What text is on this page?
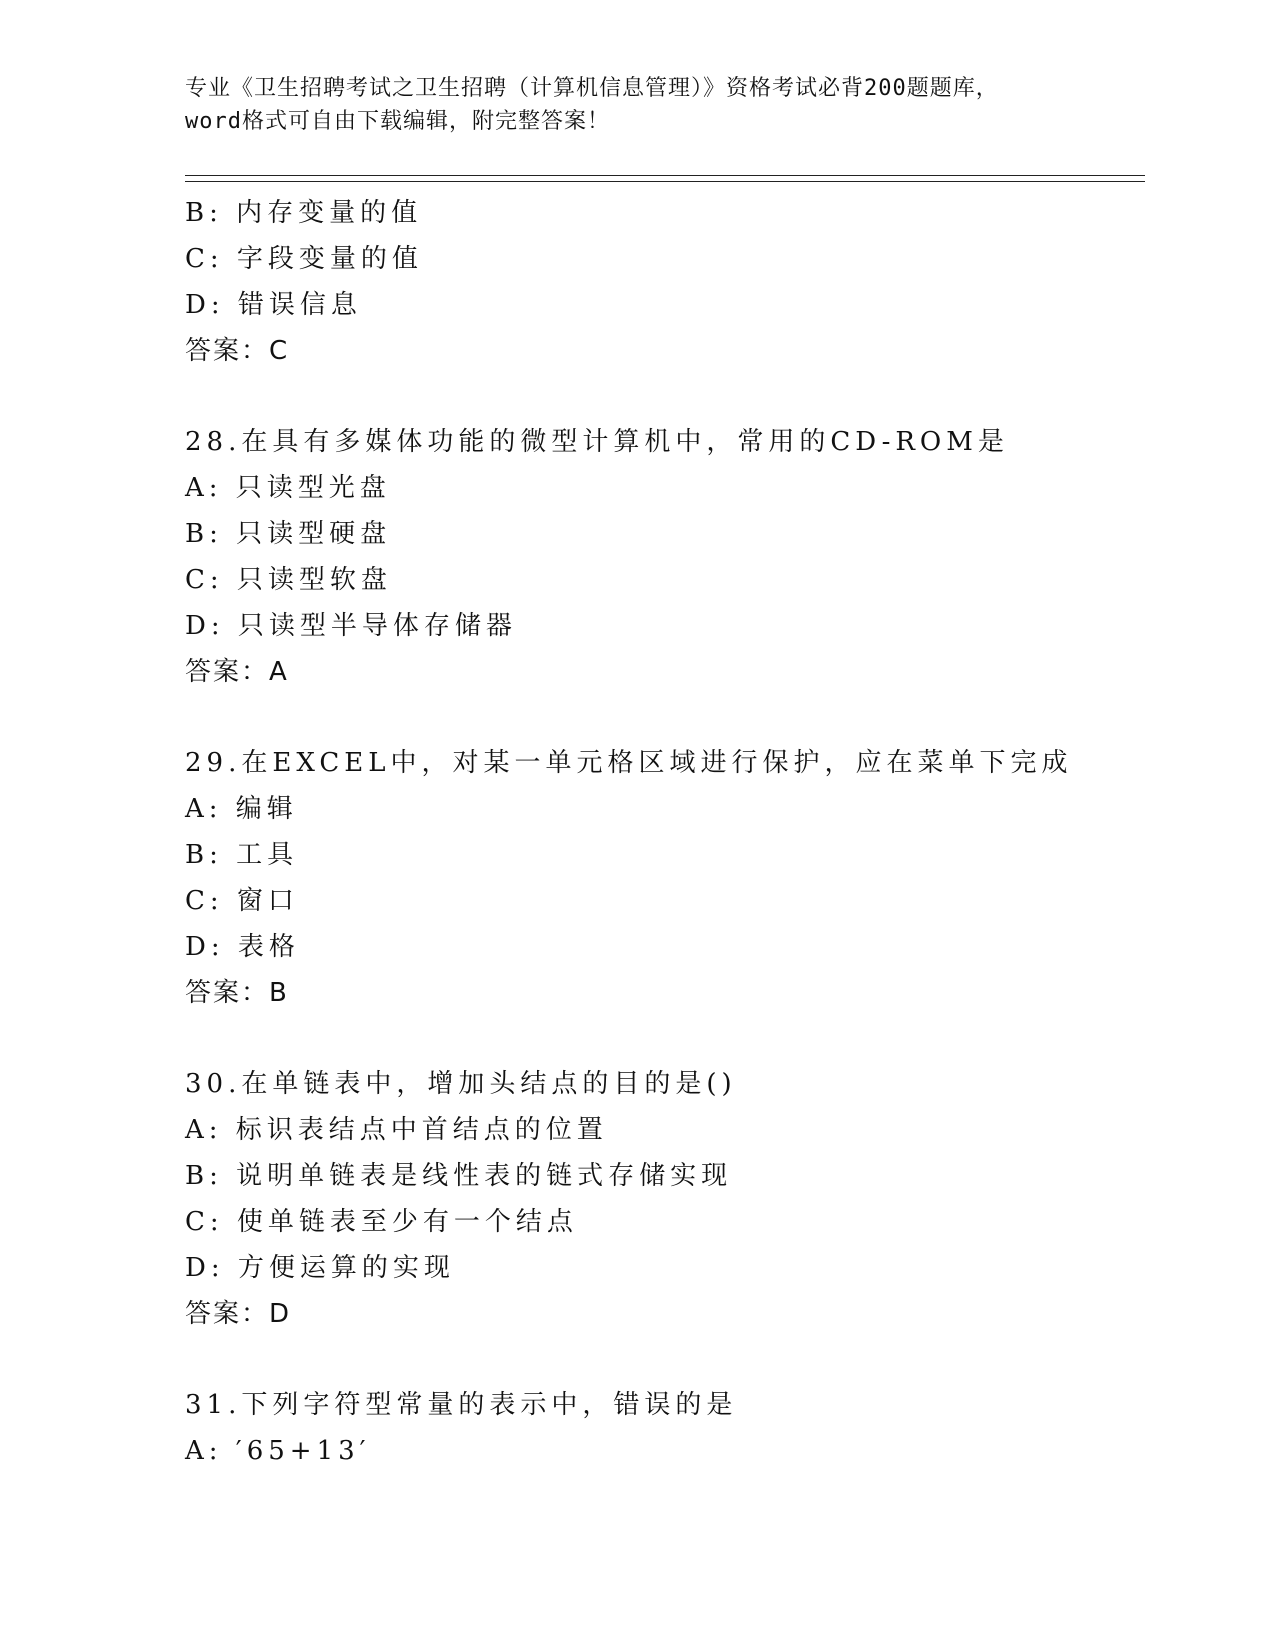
专业《卫生招聘考试之卫生招聘（计算机信息管理）》资格考试必背200题题库，
word格式可自由下载编辑，附完整答案！
B: 内存变量的值
C: 字段变量的值
D: 错误信息
答案：C
28.在具有多媒体功能的微型计算机中，常用的CD-ROM是
A: 只读型光盘
B: 只读型硬盘
C: 只读型软盘
D: 只读型半导体存储器
答案：A
29.在EXCEL中，对某一单元格区域进行保护，应在菜单下完成
A: 编辑
B: 工具
C: 窗口
D: 表格
答案：B
30.在单链表中，增加头结点的目的是()
A: 标识表结点中首结点的位置
B: 说明单链表是线性表的链式存储实现
C: 使单链表至少有一个结点
D: 方便运算的实现
答案：D
31.下列字符型常量的表示中，错误的是
A: ′65+13′
